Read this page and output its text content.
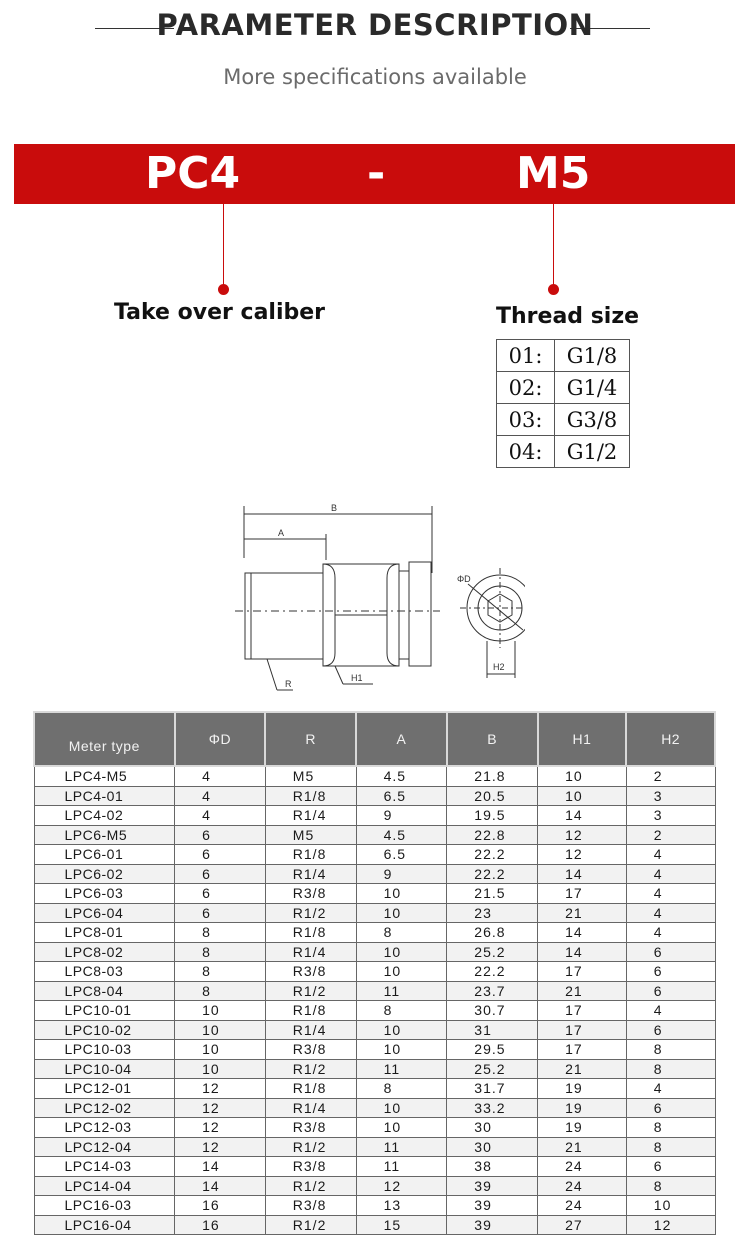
PARAMETER DESCRIPTION
More specifications available
PC4	-	M5
Take over caliber	Thread size
01:	G1/8
02:	G1/4
03:	G3/8
04:	G1/2
B
A
R
H1
ΦD
H2
Meter type	ΦD	R	A	B	H1	H2
LPC4-M5	4	M5	4.5	21.8	10	2
LPC4-01	4	R1/8	6.5	20.5	10	3
LPC4-02	4	R1/4	9	19.5	14	3
LPC6-M5	6	M5	4.5	22.8	12	2
LPC6-01	6	R1/8	6.5	22.2	12	4
LPC6-02	6	R1/4	9	22.2	14	4
LPC6-03	6	R3/8	10	21.5	17	4
LPC6-04	6	R1/2	10	23	21	4
LPC8-01	8	R1/8	8	26.8	14	4
LPC8-02	8	R1/4	10	25.2	14	6
LPC8-03	8	R3/8	10	22.2	17	6
LPC8-04	8	R1/2	11	23.7	21	6
LPC10-01	10	R1/8	8	30.7	17	4
LPC10-02	10	R1/4	10	31	17	6
LPC10-03	10	R3/8	10	29.5	17	8
LPC10-04	10	R1/2	11	25.2	21	8
LPC12-01	12	R1/8	8	31.7	19	4
LPC12-02	12	R1/4	10	33.2	19	6
LPC12-03	12	R3/8	10	30	19	8
LPC12-04	12	R1/2	11	30	21	8
LPC14-03	14	R3/8	11	38	24	6
LPC14-04	14	R1/2	12	39	24	8
LPC16-03	16	R3/8	13	39	24	10
LPC16-04	16	R1/2	15	39	27	12
